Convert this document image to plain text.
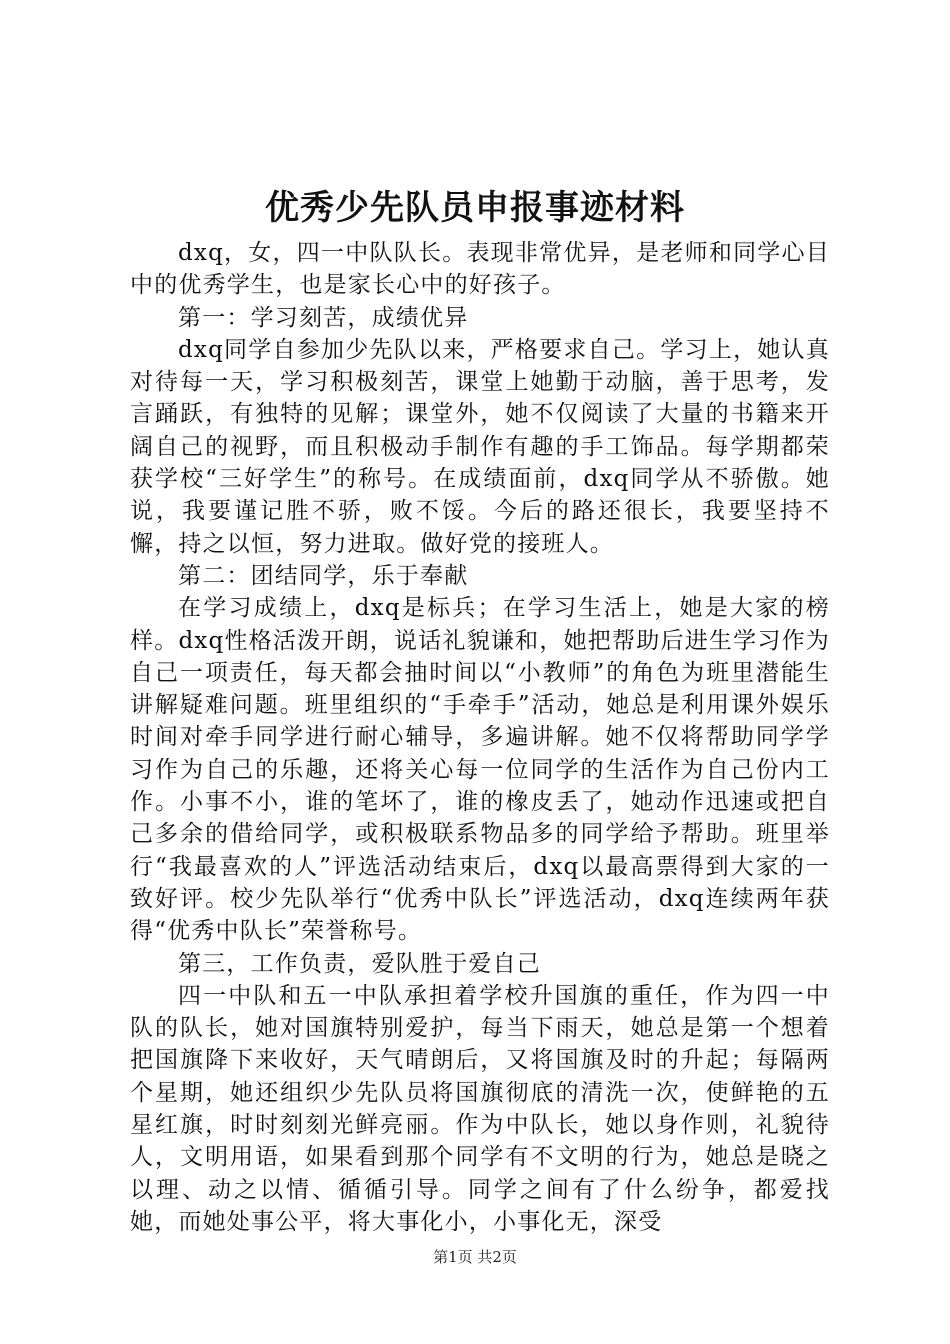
优秀少先队员申报事迹材料

dxq，女，四一中队队长。表现非常优异，是老师和同学心目中的优秀学生，也是家长心中的好孩子。

第一：学习刻苦，成绩优异

dxq同学自参加少先队以来，严格要求自己。学习上，她认真对待每一天，学习积极刻苦，课堂上她勤于动脑，善于思考，发言踊跃，有独特的见解；课堂外，她不仅阅读了大量的书籍来开阔自己的视野，而且积极动手制作有趣的手工饰品。每学期都荣获学校“三好学生”的称号。在成绩面前，dxq同学从不骄傲。她说，我要谨记胜不骄，败不馁。今后的路还很长，我要坚持不懈，持之以恒，努力进取。做好党的接班人。

第二：团结同学，乐于奉献

在学习成绩上，dxq是标兵；在学习生活上，她是大家的榜样。dxq性格活泼开朗，说话礼貌谦和，她把帮助后进生学习作为自己一项责任，每天都会抽时间以“小教师”的角色为班里潜能生讲解疑难问题。班里组织的“手牵手”活动，她总是利用课外娱乐时间对牵手同学进行耐心辅导，多遍讲解。她不仅将帮助同学学习作为自己的乐趣，还将关心每一位同学的生活作为自己份内工作。小事不小，谁的笔坏了，谁的橡皮丢了，她动作迅速或把自己多余的借给同学，或积极联系物品多的同学给予帮助。班里举行“我最喜欢的人”评选活动结束后，dxq以最高票得到大家的一致好评。校少先队举行“优秀中队长”评选活动，dxq连续两年获得“优秀中队长”荣誉称号。

第三，工作负责，爱队胜于爱自己

四一中队和五一中队承担着学校升国旗的重任，作为四一中队的队长，她对国旗特别爱护，每当下雨天，她总是第一个想着把国旗降下来收好，天气晴朗后，又将国旗及时的升起；每隔两个星期，她还组织少先队员将国旗彻底的清洗一次，使鲜艳的五星红旗，时时刻刻光鲜亮丽。作为中队长，她以身作则，礼貌待人，文明用语，如果看到那个同学有不文明的行为，她总是晓之以理、动之以情、循循引导。同学之间有了什么纷争，都爱找她，而她处事公平，将大事化小，小事化无，深受

第1页 共2页
